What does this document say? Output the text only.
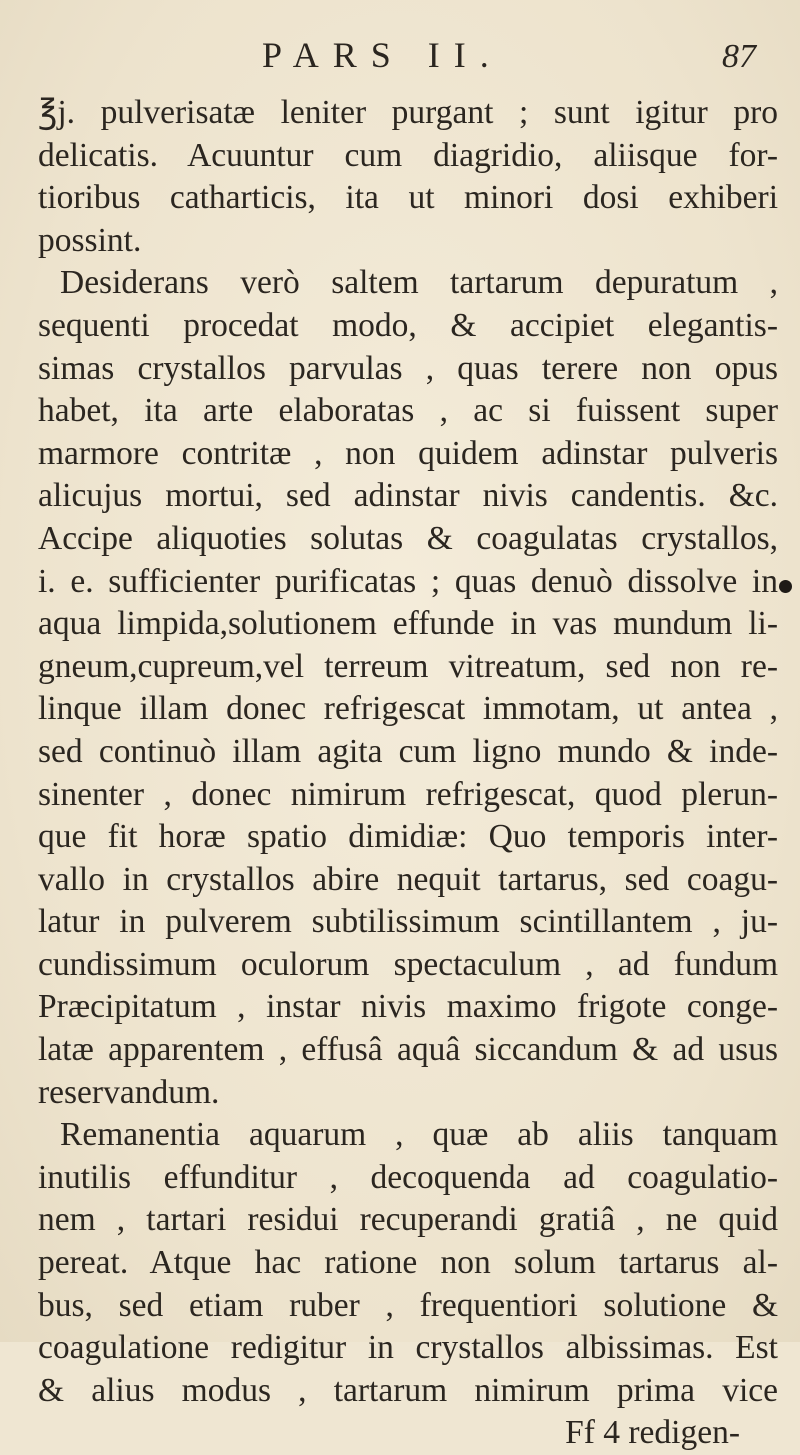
PARS II.	87
℥j. pulverisatæ leniter purgant ; sunt igitur pro
delicatis. Acuuntur cum diagridio, aliisque for-
tioribus catharticis, ita ut minori dosi exhiberi
possint.
Desiderans verò saltem tartarum depuratum ,
sequenti procedat modo, & accipiet elegantis-
simas crystallos parvulas , quas terere non opus
habet, ita arte elaboratas , ac si fuissent super
marmore contritæ , non quidem adinstar pulveris
alicujus mortui, sed adinstar nivis candentis. &c.
Accipe aliquoties solutas & coagulatas crystallos,
i. e. sufficienter purificatas ; quas denuò dissolve in
aqua limpida,solutionem effunde in vas mundum li-
gneum,cupreum,vel terreum vitreatum, sed non re-
linque illam donec refrigescat immotam, ut antea ,
sed continuò illam agita cum ligno mundo & inde-
sinenter , donec nimirum refrigescat, quod plerun-
que fit horæ spatio dimidiæ: Quo temporis inter-
vallo in crystallos abire nequit tartarus, sed coagu-
latur in pulverem subtilissimum scintillantem , ju-
cundissimum oculorum spectaculum , ad fundum
Præcipitatum , instar nivis maximo frigote conge-
latæ apparentem , effusâ aquâ siccandum & ad usus
reservandum.
Remanentia aquarum , quæ ab aliis tanquam
inutilis effunditur , decoquenda ad coagulatio-
nem , tartari residui recuperandi gratiâ , ne quid
pereat. Atque hac ratione non solum tartarus al-
bus, sed etiam ruber , frequentiori solutione &
coagulatione redigitur in crystallos albissimas. Est
& alius modus , tartarum nimirum prima vice
Ff 4 redigen-
